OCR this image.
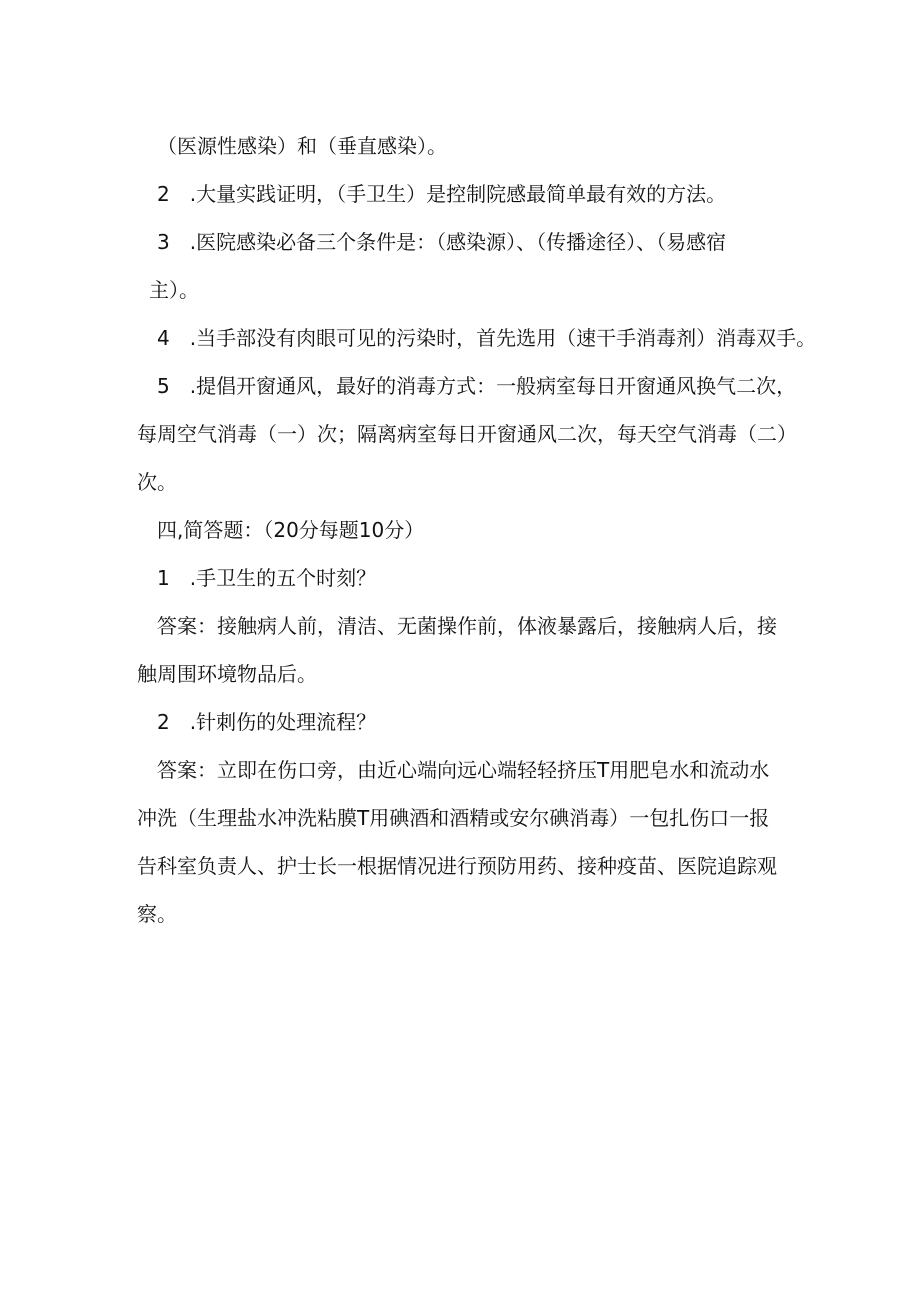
（医源性感染）和（垂直感染）。
2　.大量实践证明，（手卫生）是控制院感最简单最有效的方法。
3　.医院感染必备三个条件是：（感染源）、（传播途径）、（易感宿
主）。
4　.当手部没有肉眼可见的污染时，首先选用（速干手消毒剂）消毒双手。
5　.提倡开窗通风，最好的消毒方式：一般病室每日开窗通风换气二次，
每周空气消毒（一）次；隔离病室每日开窗通风二次，每天空气消毒（二）
次。
四,简答题：（20分每题10分）
1　.手卫生的五个时刻？
答案：接触病人前，清洁、无菌操作前，体液暴露后，接触病人后，接
触周围环境物品后。
2　.针刺伤的处理流程？
答案：立即在伤口旁，由近心端向远心端轻轻挤压T用肥皂水和流动水
冲洗（生理盐水冲洗粘膜T用碘酒和酒精或安尔碘消毒）一包扎伤口一报
告科室负责人、护士长一根据情况进行预防用药、接种疫苗、医院追踪观
察。
